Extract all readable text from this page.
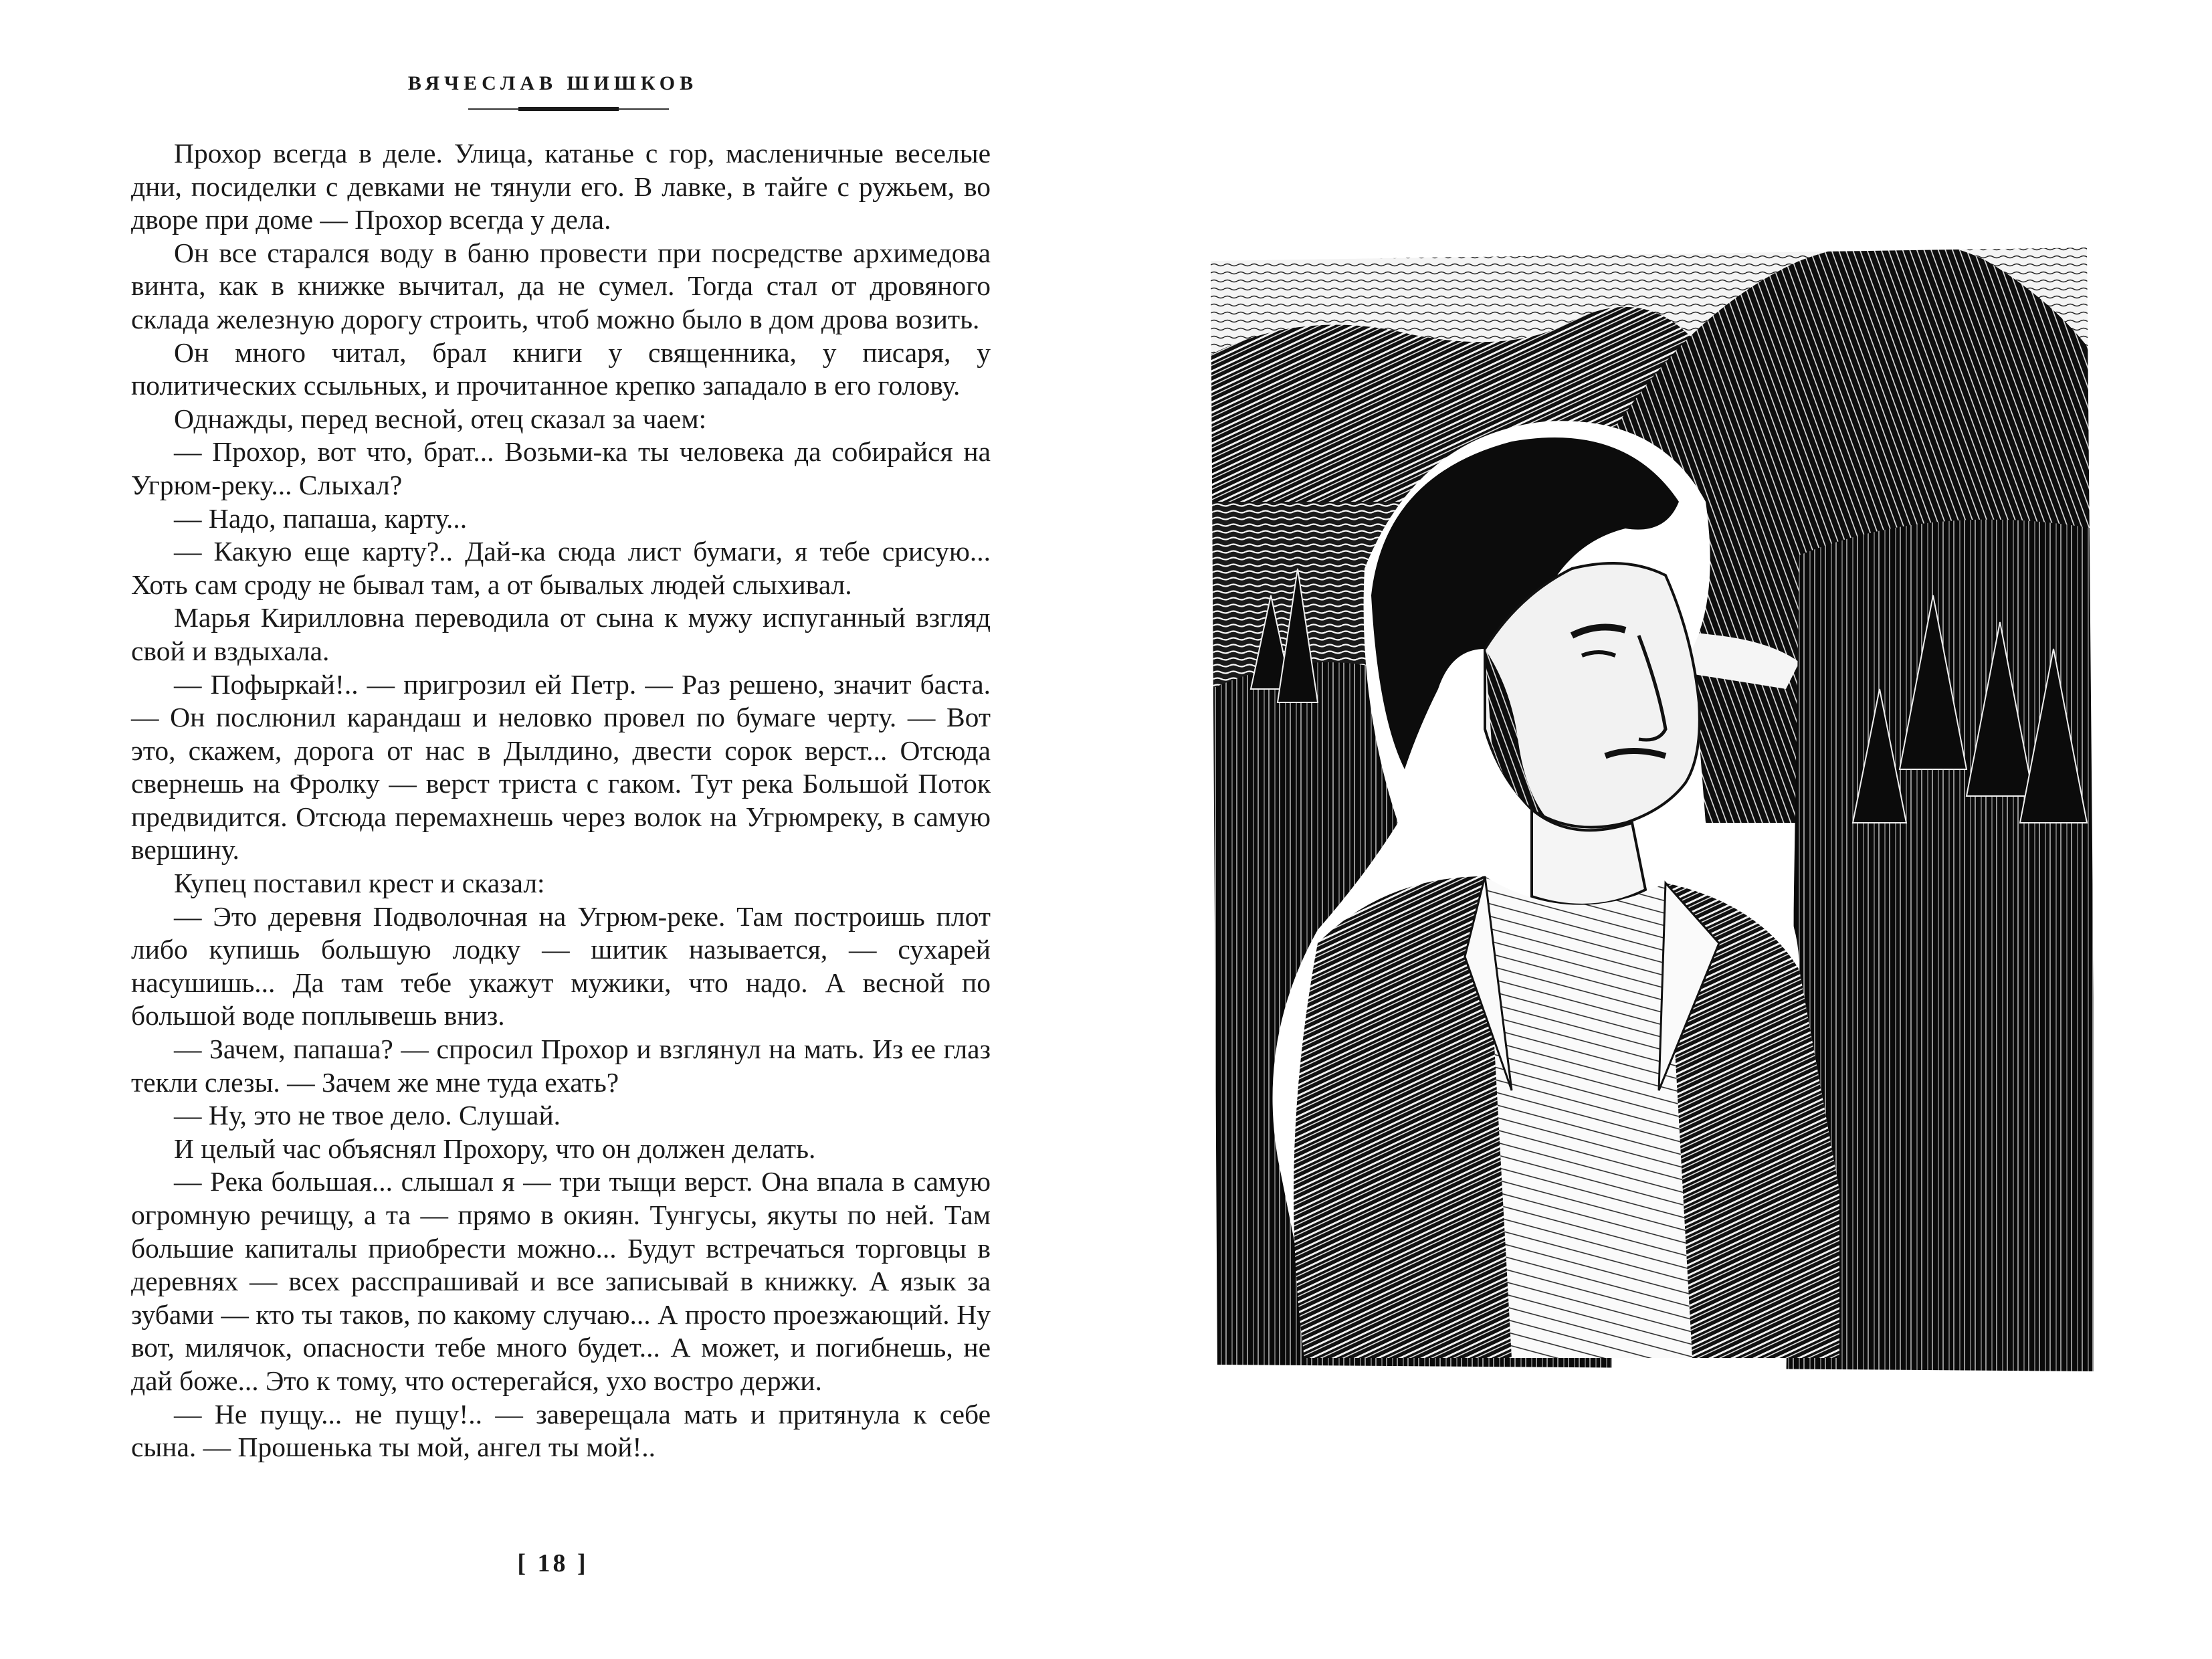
ВЯЧЕСЛАВ ШИШКОВ

Прохор всегда в деле. Улица, катанье с гор, масленичные веселые дни, посиделки с девками не тянули его. В лавке, в тайге с ружьем, во дворе при доме — Прохор всегда у дела.

Он все старался воду в баню провести при посредстве архимедова винта, как в книжке вычитал, да не сумел. Тогда стал от дровяного склада железную дорогу строить, чтоб можно было в дом дрова возить.

Он много читал, брал книги у священника, у писаря, у политических ссыльных, и прочитанное крепко западало в его голову.

Однажды, перед весной, отец сказал за чаем:

— Прохор, вот что, брат... Возьми-ка ты человека да собирайся на Угрюм-реку... Слыхал?

— Надо, папаша, карту...

— Какую еще карту?.. Дай-ка сюда лист бумаги, я тебе срисую... Хоть сам сроду не бывал там, а от бывалых людей слыхивал.

Марья Кирилловна переводила от сына к мужу испуганный взгляд свой и вздыхала.

— Пофыркай!.. — пригрозил ей Петр. — Раз решено, значит баста. — Он послюнил карандаш и неловко провел по бумаге черту. — Вот это, скажем, дорога от нас в Дылдино, двести сорок верст... Отсюда свернешь на Фролку — верст триста с гаком. Тут река Большой Поток предвидится. Отсюда перемахнешь через волок на Угрюмреку, в самую вершину.

Купец поставил крест и сказал:

— Это деревня Подволочная на Угрюм-реке. Там построишь плот либо купишь большую лодку — шитик называется, — сухарей насушишь... Да там тебе укажут мужики, что надо. А весной по большой воде поплывешь вниз.

— Зачем, папаша? — спросил Прохор и взглянул на мать. Из ее глаз текли слезы. — Зачем же мне туда ехать?

— Ну, это не твое дело. Слушай.

И целый час объяснял Прохору, что он должен делать.

— Река большая... слышал я — три тыщи верст. Она впала в самую огромную речищу, а та — прямо в окиян. Тунгусы, якуты по ней. Там большие капиталы приобрести можно... Будут встречаться торговцы в деревнях — всех расспрашивай и все записывай в книжку. А язык за зубами — кто ты таков, по какому случаю... А просто проезжающий. Ну вот, милячок, опасности тебе много будет... А может, и погибнешь, не дай боже... Это к тому, что остерегайся, ухо востро держи.

— Не пущу... не пущу!.. — заверещала мать и притянула к себе сына. — Прошенька ты мой, ангел ты мой!..

[ 18 ]
